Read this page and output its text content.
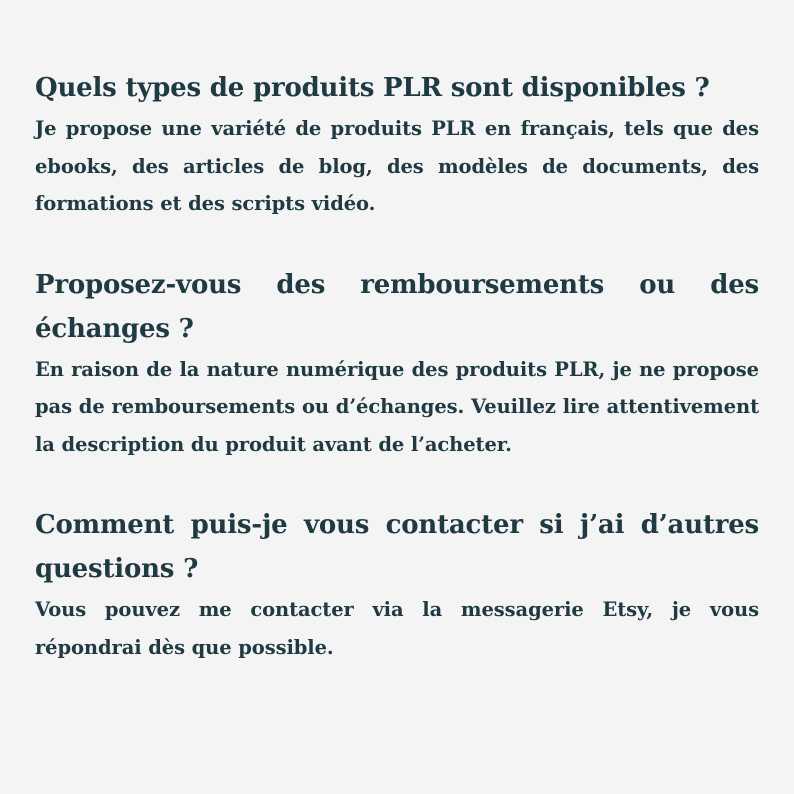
Quels types de produits PLR sont disponibles ?

Je propose une variété de produits PLR en français, tels que des ebooks, des articles de blog, des modèles de documents, des formations et des scripts vidéo.

Proposez-vous des remboursements ou des échanges ?

En raison de la nature numérique des produits PLR, je ne propose pas de remboursements ou d’échanges. Veuillez lire attentivement la description du produit avant de l’acheter.

Comment puis-je vous contacter si j’ai d’autres questions ?

Vous pouvez me contacter via la messagerie Etsy, je vous répondrai dès que possible.
